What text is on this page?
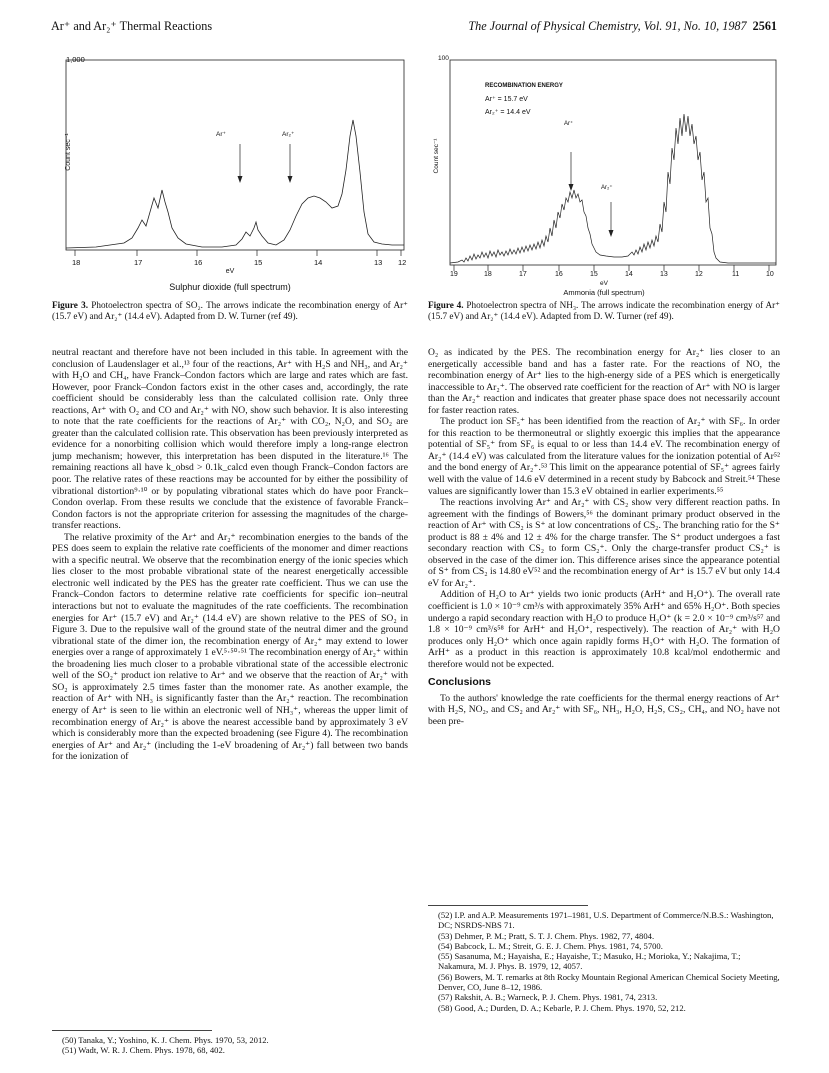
Ar⁺ and Ar₂⁺ Thermal Reactions	The Journal of Physical Chemistry, Vol. 91, No. 10, 1987 2561
1,000
Count sec⁻¹	Ar⁺	Ar₂⁺
18	17	16	15	14	13 12
eV
Sulphur dioxide (full spectrum)
Figure 3. Photoelectron spectra of SO₂. The arrows indicate the recombination energy of Ar⁺ (15.7 eV) and Ar₂⁺ (14.4 eV). Adapted from D. W. Turner (ref 49).
100
Count sec⁻¹
RECOMBINATION ENERGY
Ar⁺ = 15.7 eV
Ar₂⁺ = 14.4 eV
Ar⁺
Ar₂⁺
19	18	17	16	15	14	13	12	11	10
eV
Ammonia (full spectrum)
Figure 4. Photoelectron spectra of NH₃. The arrows indicate the recombination energy of Ar⁺ (15.7 eV) and Ar₂⁺ (14.4 eV). Adapted from D. W. Turner (ref 49).

neutral reactant and therefore have not been included in this table. In agreement with the conclusion of Laudenslager et al.,¹³ four of the reactions, Ar⁺ with H₂S and NH₃, and Ar₂⁺ with H₂O and CH₄, have Franck–Condon factors which are large and rates which are fast. However, poor Franck–Condon factors exist in the other cases and, accordingly, the rate coefficient should be considerably less than the calculated collision rate. Only three reactions, Ar⁺ with O₂ and CO and Ar₂⁺ with NO, show such behavior. It is also interesting to note that the rate coefficients for the reactions of Ar₂⁺ with CO₂, N₂O, and SO₂ are greater than the calculated collision rate. This observation has been previously interpreted as evidence for a nonorbiting collision which would therefore imply a long-range electron jump mechanism; however, this interpretation has been disputed in the literature.¹⁶ The remaining reactions all have k_obsd > 0.1k_calcd even though Franck–Condon factors are poor. The relative rates of these reactions may be accounted for by either the possibility of vibrational distortion⁹·¹⁰ or by populating vibrational states which do have poor Franck–Condon overlap. From these results we conclude that the existence of favorable Franck–Condon factors is not the appropriate criterion for assessing the magnitudes of the charge-transfer reactions.

The relative proximity of the Ar⁺ and Ar₂⁺ recombination energies to the bands of the PES does seem to explain the relative rate coefficients of the monomer and dimer reactions with a specific neutral. We observe that the recombination energy of the ionic species which lies closer to the most probable vibrational state of the nearest energetically accessible electronic well indicated by the PES has the greater rate coefficient. Thus we can use the Franck–Condon factors to determine relative rate coefficients for specific ion–neutral interactions but not to evaluate the magnitudes of the rate coefficients. The recombination energies for Ar⁺ (15.7 eV) and Ar₂⁺ (14.4 eV) are shown relative to the PES of SO₂ in Figure 3. Due to the repulsive wall of the ground state of the neutral dimer and the ground vibrational state of the dimer ion, the recombination energy of Ar₂⁺ may extend to lower energies over a range of approximately 1 eV.⁵·⁵⁰·⁵¹ The recombination energy of Ar₂⁺ within the broadening lies much closer to a probable vibrational state of the accessible electronic well of the SO₂⁺ product ion relative to Ar⁺ and we observe that the reaction of Ar₂⁺ with SO₂ is approximately 2.5 times faster than the monomer rate. As another example, the reaction of Ar⁺ with NH₃ is significantly faster than the Ar₂⁺ reaction. The recombination energy of Ar⁺ is seen to lie within an electronic well of NH₃⁺, whereas the upper limit of recombination energy of Ar₂⁺ is above the nearest accessible band by approximately 3 eV which is considerably more than the expected broadening (see Figure 4). The recombination energies of Ar⁺ and Ar₂⁺ (including the 1-eV broadening of Ar₂⁺) fall between two bands for the ionization of

(50) Tanaka, Y.; Yoshino, K. J. Chem. Phys. 1970, 53, 2012.
(51) Wadt, W. R. J. Chem. Phys. 1978, 68, 402.

O₂ as indicated by the PES. The recombination energy for Ar₂⁺ lies closer to an energetically accessible band and has a faster rate. For the reactions of NO, the recombination energy of Ar⁺ lies to the high-energy side of a PES which is energetically inaccessible to Ar₂⁺. The observed rate coefficient for the reaction of Ar⁺ with NO is larger than the Ar₂⁺ reaction and indicates that greater phase space does not necessarily account for faster reaction rates.

The product ion SF₅⁺ has been identified from the reaction of Ar₂⁺ with SF₆. In order for this reaction to be thermoneutral or slightly exoergic this implies that the appearance potential of SF₅⁺ from SF₆ is equal to or less than 14.4 eV. The recombination energy of Ar₂⁺ (14.4 eV) was calculated from the literature values for the ionization potential of Ar⁵² and the bond energy of Ar₂⁺.⁵³ This limit on the appearance potential of SF₅⁺ agrees fairly well with the value of 14.6 eV determined in a recent study by Babcock and Streit.⁵⁴ These values are significantly lower than 15.3 eV obtained in earlier experiments.⁵⁵

The reactions involving Ar⁺ and Ar₂⁺ with CS₂ show very different reaction paths. In agreement with the findings of Bowers,⁵⁶ the dominant primary product observed in the reaction of Ar⁺ with CS₂ is S⁺ at low concentrations of CS₂. The branching ratio for the S⁺ product is 88 ± 4% and 12 ± 4% for the charge transfer. The S⁺ product undergoes a fast secondary reaction with CS₂ to form CS₂⁺. Only the charge-transfer product CS₂⁺ is observed in the case of the dimer ion. This difference arises since the appearance potential of S⁺ from CS₂ is 14.80 eV⁵² and the recombination energy of Ar⁺ is 15.7 eV but only 14.4 eV for Ar₂⁺.

Addition of H₂O to Ar⁺ yields two ionic products (ArH⁺ and H₂O⁺). The overall rate coefficient is 1.0 × 10⁻⁹ cm³/s with approximately 35% ArH⁺ and 65% H₂O⁺. Both species undergo a rapid secondary reaction with H₂O to produce H₃O⁺ (k = 2.0 × 10⁻⁹ cm³/s⁵⁷ and 1.8 × 10⁻⁹ cm³/s⁵⁸ for ArH⁺ and H₂O⁺, respectively). The reaction of Ar₂⁺ with H₂O produces only H₂O⁺ which once again rapidly forms H₃O⁺ with H₂O. The formation of ArH⁺ as a product in this reaction is approximately 10.8 kcal/mol endothermic and therefore would not be expected.

Conclusions

To the authors' knowledge the rate coefficients for the thermal energy reactions of Ar⁺ with H₂S, NO₂, and CS₂ and Ar₂⁺ with SF₆, NH₃, H₂O, H₂S, CS₂, CH₄, and NO₂ have not been pre-

(52) I.P. and A.P. Measurements 1971–1981, U.S. Department of Commerce/N.B.S.: Washington, DC; NSRDS-NBS 71.
(53) Dehmer, P. M.; Pratt, S. T. J. Chem. Phys. 1982, 77, 4804.
(54) Babcock, L. M.; Streit, G. E. J. Chem. Phys. 1981, 74, 5700.
(55) Sasanuma, M.; Hayaisha, E.; Hayaishe, T.; Masuko, H.; Morioka, Y.; Nakajima, T.; Nakamura, M. J. Phys. B. 1979, 12, 4057.
(56) Bowers, M. T. remarks at 8th Rocky Mountain Regional American Chemical Society Meeting, Denver, CO, June 8–12, 1986.
(57) Rakshit, A. B.; Warneck, P. J. Chem. Phys. 1981, 74, 2313.
(58) Good, A.; Durden, D. A.; Kebarle, P. J. Chem. Phys. 1970, 52, 212.
